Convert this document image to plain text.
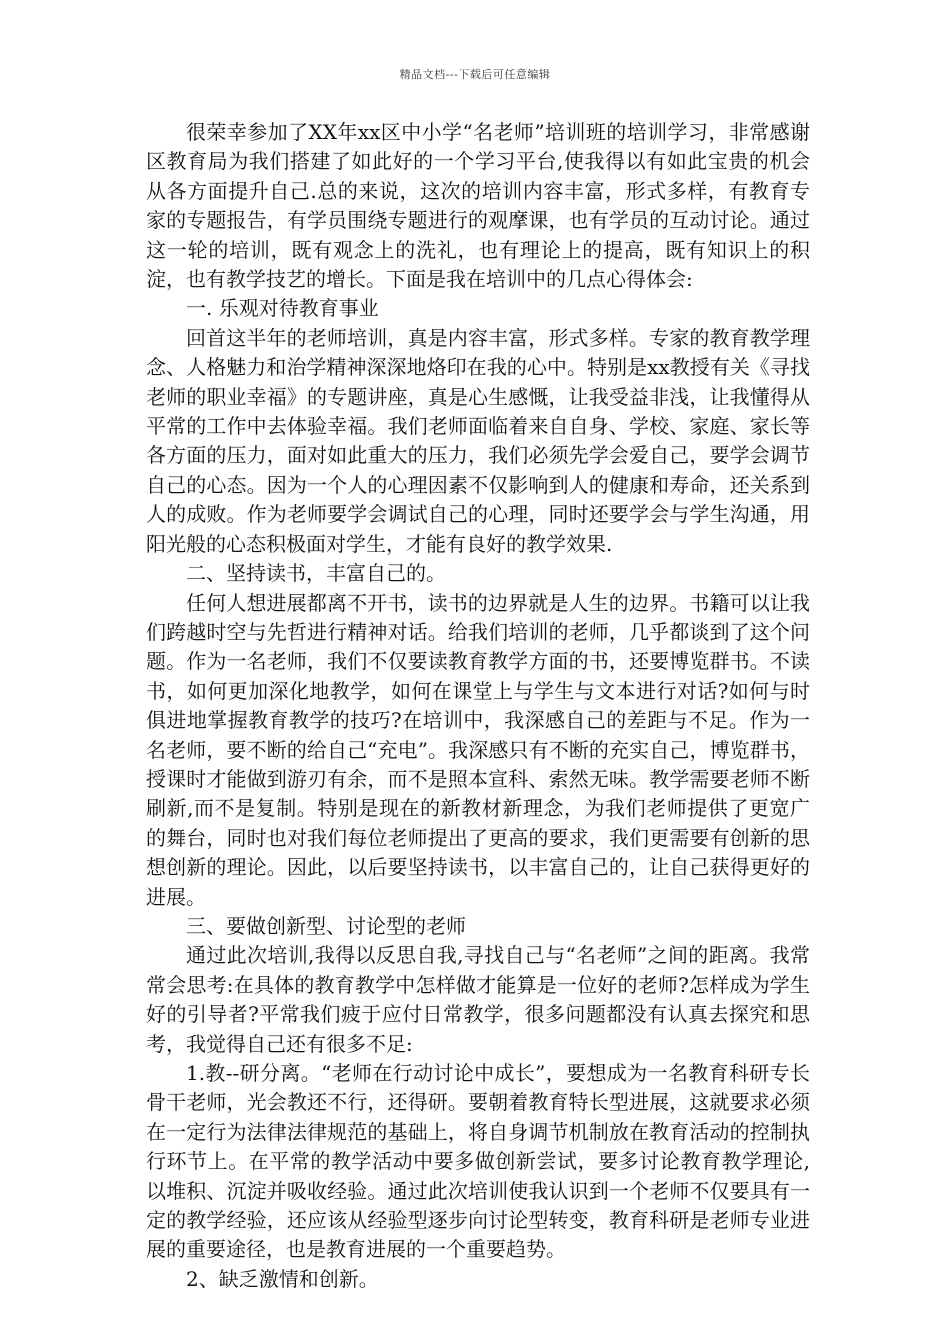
精品文档---下载后可任意编辑

很荣幸参加了XX年xx区中小学“名老师”培训班的培训学习，非常感谢区教育局为我们搭建了如此好的一个学习平台,使我得以有如此宝贵的机会从各方面提升自己.总的来说，这次的培训内容丰富，形式多样，有教育专家的专题报告，有学员围绕专题进行的观摩课，也有学员的互动讨论。通过这一轮的培训，既有观念上的洗礼，也有理论上的提高，既有知识上的积淀，也有教学技艺的增长。下面是我在培训中的几点心得体会:

一. 乐观对待教育事业

回首这半年的老师培训，真是内容丰富，形式多样。专家的教育教学理念、人格魅力和治学精神深深地烙印在我的心中。特别是xx教授有关《寻找老师的职业幸福》的专题讲座，真是心生感慨，让我受益非浅，让我懂得从平常的工作中去体验幸福。我们老师面临着来自自身、学校、家庭、家长等各方面的压力，面对如此重大的压力，我们必须先学会爱自己，要学会调节自己的心态。因为一个人的心理因素不仅影响到人的健康和寿命，还关系到人的成败。作为老师要学会调试自己的心理，同时还要学会与学生沟通，用阳光般的心态积极面对学生，才能有良好的教学效果.

二、坚持读书，丰富自己的。

任何人想进展都离不开书，读书的边界就是人生的边界。书籍可以让我们跨越时空与先哲进行精神对话。给我们培训的老师，几乎都谈到了这个问题。作为一名老师，我们不仅要读教育教学方面的书，还要博览群书。不读书，如何更加深化地教学，如何在课堂上与学生与文本进行对话?如何与时俱进地掌握教育教学的技巧?在培训中，我深感自己的差距与不足。作为一名老师，要不断的给自己“充电”。我深感只有不断的充实自己，博览群书，授课时才能做到游刃有余，而不是照本宣科、索然无味。教学需要老师不断刷新,而不是复制。特别是现在的新教材新理念，为我们老师提供了更宽广的舞台，同时也对我们每位老师提出了更高的要求，我们更需要有创新的思想创新的理论。因此，以后要坚持读书，以丰富自己的，让自己获得更好的进展。

三、要做创新型、讨论型的老师

通过此次培训,我得以反思自我,寻找自己与“名老师”之间的距离。我常常会思考:在具体的教育教学中怎样做才能算是一位好的老师?怎样成为学生好的引导者?平常我们疲于应付日常教学，很多问题都没有认真去探究和思考，我觉得自己还有很多不足:

1.教--研分离。“老师在行动讨论中成长”，要想成为一名教育科研专长骨干老师，光会教还不行，还得研。要朝着教育特长型进展，这就要求必须在一定行为法律法律规范的基础上，将自身调节机制放在教育活动的控制执行环节上。在平常的教学活动中要多做创新尝试，要多讨论教育教学理论,以堆积、沉淀并吸收经验。通过此次培训使我认识到一个老师不仅要具有一定的教学经验，还应该从经验型逐步向讨论型转变，教育科研是老师专业进展的重要途径，也是教育进展的一个重要趋势。

2、缺乏激情和创新。
